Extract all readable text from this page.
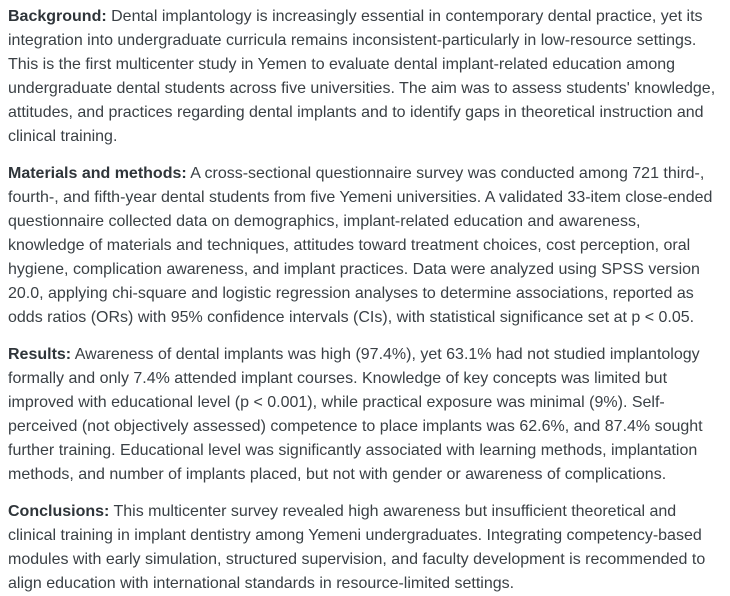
Background: Dental implantology is increasingly essential in contemporary dental practice, yet its integration into undergraduate curricula remains inconsistent-particularly in low-resource settings. This is the first multicenter study in Yemen to evaluate dental implant-related education among undergraduate dental students across five universities. The aim was to assess students' knowledge, attitudes, and practices regarding dental implants and to identify gaps in theoretical instruction and clinical training.

Materials and methods: A cross-sectional questionnaire survey was conducted among 721 third-, fourth-, and fifth-year dental students from five Yemeni universities. A validated 33-item close-ended questionnaire collected data on demographics, implant-related education and awareness, knowledge of materials and techniques, attitudes toward treatment choices, cost perception, oral hygiene, complication awareness, and implant practices. Data were analyzed using SPSS version 20.0, applying chi-square and logistic regression analyses to determine associations, reported as odds ratios (ORs) with 95% confidence intervals (CIs), with statistical significance set at p < 0.05.

Results: Awareness of dental implants was high (97.4%), yet 63.1% had not studied implantology formally and only 7.4% attended implant courses. Knowledge of key concepts was limited but improved with educational level (p < 0.001), while practical exposure was minimal (9%). Self-perceived (not objectively assessed) competence to place implants was 62.6%, and 87.4% sought further training. Educational level was significantly associated with learning methods, implantation methods, and number of implants placed, but not with gender or awareness of complications.

Conclusions: This multicenter survey revealed high awareness but insufficient theoretical and clinical training in implant dentistry among Yemeni undergraduates. Integrating competency-based modules with early simulation, structured supervision, and faculty development is recommended to align education with international standards in resource-limited settings.
